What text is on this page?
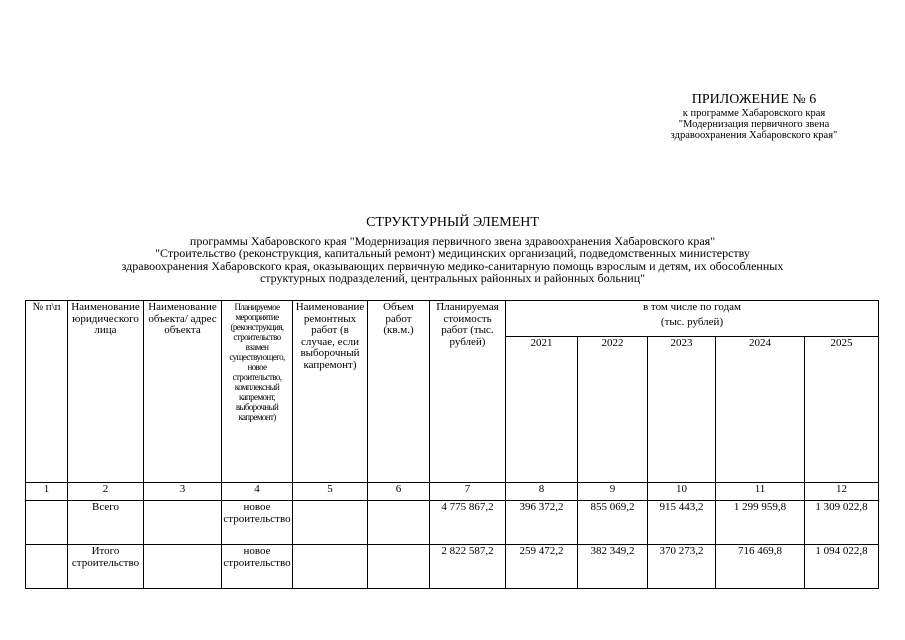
ПРИЛОЖЕНИЕ № 6
к программе Хабаровского края
"Модернизация первичного звена
здравоохранения Хабаровского края"
СТРУКТУРНЫЙ ЭЛЕМЕНТ
программы Хабаровского края "Модернизация первичного звена здравоохранения Хабаровского края"
"Строительство (реконструкция, капитальный ремонт) медицинских организаций, подведомственных министерству
здравоохранения Хабаровского края, оказывающих первичную медико-санитарную помощь взрослым и детям, их обособленных
структурных подразделений, центральных районных и районных больниц"
№ п\п	Наименование юридического лица	Наименование объекта/ адрес объекта	Планируемое мероприятие (реконструкция, строительство взамен существующего, новое строительство, комплексный капремонт, выборочный капремонт)	Наименование ремонтных работ (в случае, если выборочный капремонт)	Объем работ (кв.м.)	Планируемая стоимость работ (тыс. рублей)	в том числе по годам
(тыс. рублей)				

							2021	2022	2023	2024	2025
1	2	3	4	5	6	7	8	9	10	11	12
	Всего		новое строительство			4 775 867,2	396 372,2	855 069,2	915 443,2	1 299 959,8	1 309 022,8
	Итого строительство		новое строительство			2 822 587,2	259 472,2	382 349,2	370 273,2	716 469,8	1 094 022,8
